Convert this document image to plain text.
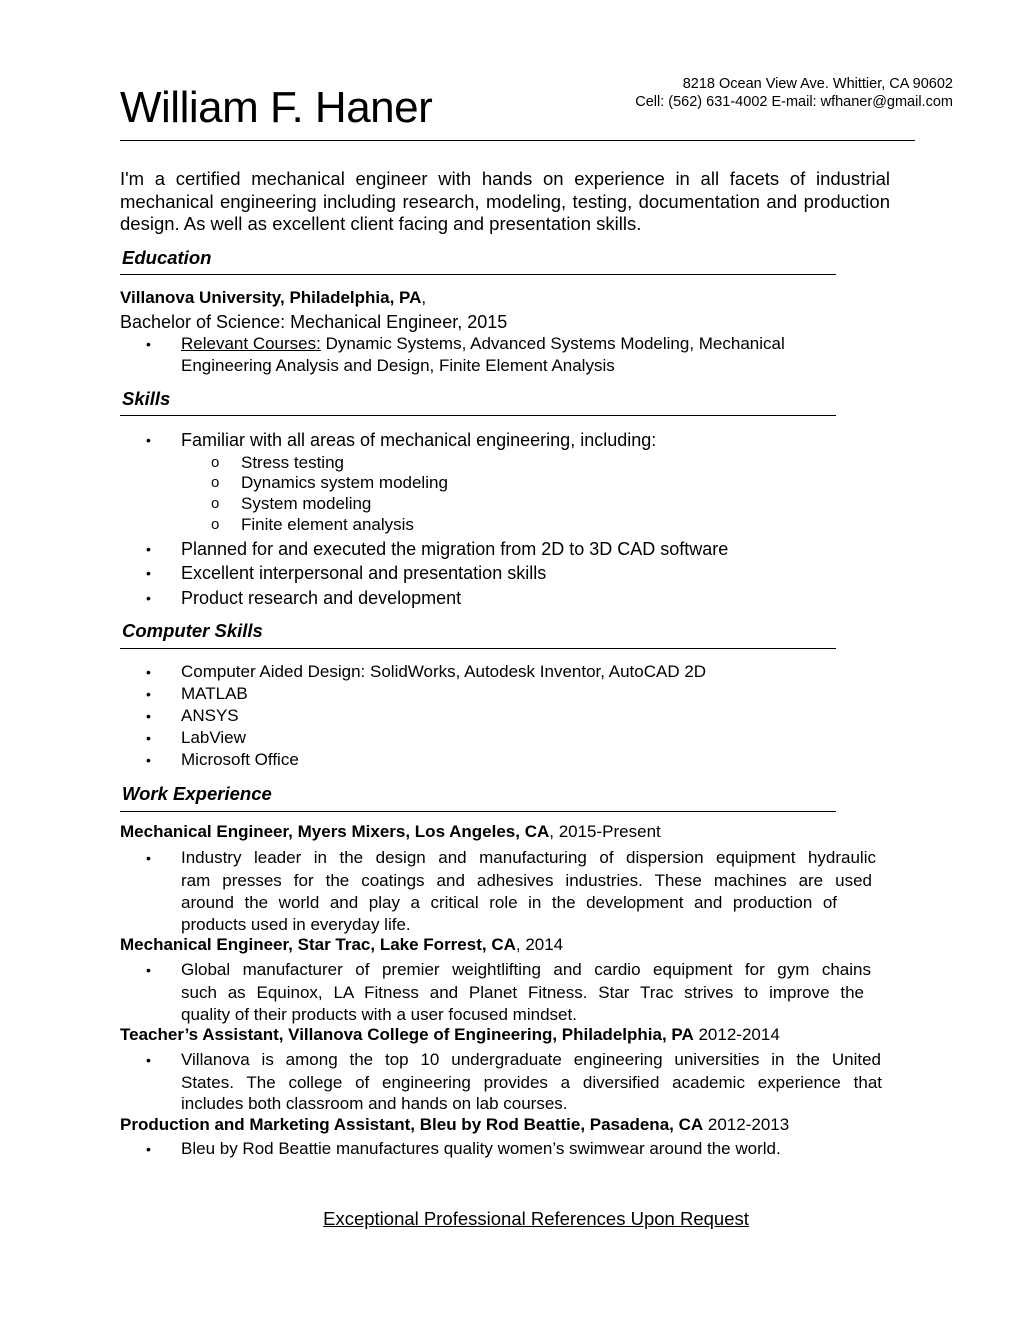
William F. Haner	8218 Ocean View Ave. Whittier, CA 90602
Cell: (562) 631-4002 E-mail: wfhaner@gmail.com
I'm a certified mechanical engineer with hands on experience in all facets of industrial mechanical engineering including research, modeling, testing, documentation and production design. As well as excellent client facing and presentation skills.
Education
Villanova University, Philadelphia, PA,
Bachelor of Science: Mechanical Engineer, 2015
• Relevant Courses: Dynamic Systems, Advanced Systems Modeling, Mechanical
Engineering Analysis and Design, Finite Element Analysis
Skills
• Familiar with all areas of mechanical engineering, including:
o Stress testing
o Dynamics system modeling
o System modeling
o Finite element analysis
• Planned for and executed the migration from 2D to 3D CAD software
• Excellent interpersonal and presentation skills
• Product research and development
Computer Skills
• Computer Aided Design: SolidWorks, Autodesk Inventor, AutoCAD 2D
• MATLAB
• ANSYS
• LabView
• Microsoft Office
Work Experience
Mechanical Engineer, Myers Mixers, Los Angeles, CA, 2015-Present
• Industry leader in the design and manufacturing of dispersion equipment hydraulic
ram presses for the coatings and adhesives industries. These machines are used
around the world and play a critical role in the development and production of
products used in everyday life.
Mechanical Engineer, Star Trac, Lake Forrest, CA, 2014
• Global manufacturer of premier weightlifting and cardio equipment for gym chains
such as Equinox, LA Fitness and Planet Fitness. Star Trac strives to improve the
quality of their products with a user focused mindset.
Teacher’s Assistant, Villanova College of Engineering, Philadelphia, PA 2012-2014
• Villanova is among the top 10 undergraduate engineering universities in the United
States. The college of engineering provides a diversified academic experience that
includes both classroom and hands on lab courses.
Production and Marketing Assistant, Bleu by Rod Beattie, Pasadena, CA 2012-2013
• Bleu by Rod Beattie manufactures quality women’s swimwear around the world.
Exceptional Professional References Upon Request
